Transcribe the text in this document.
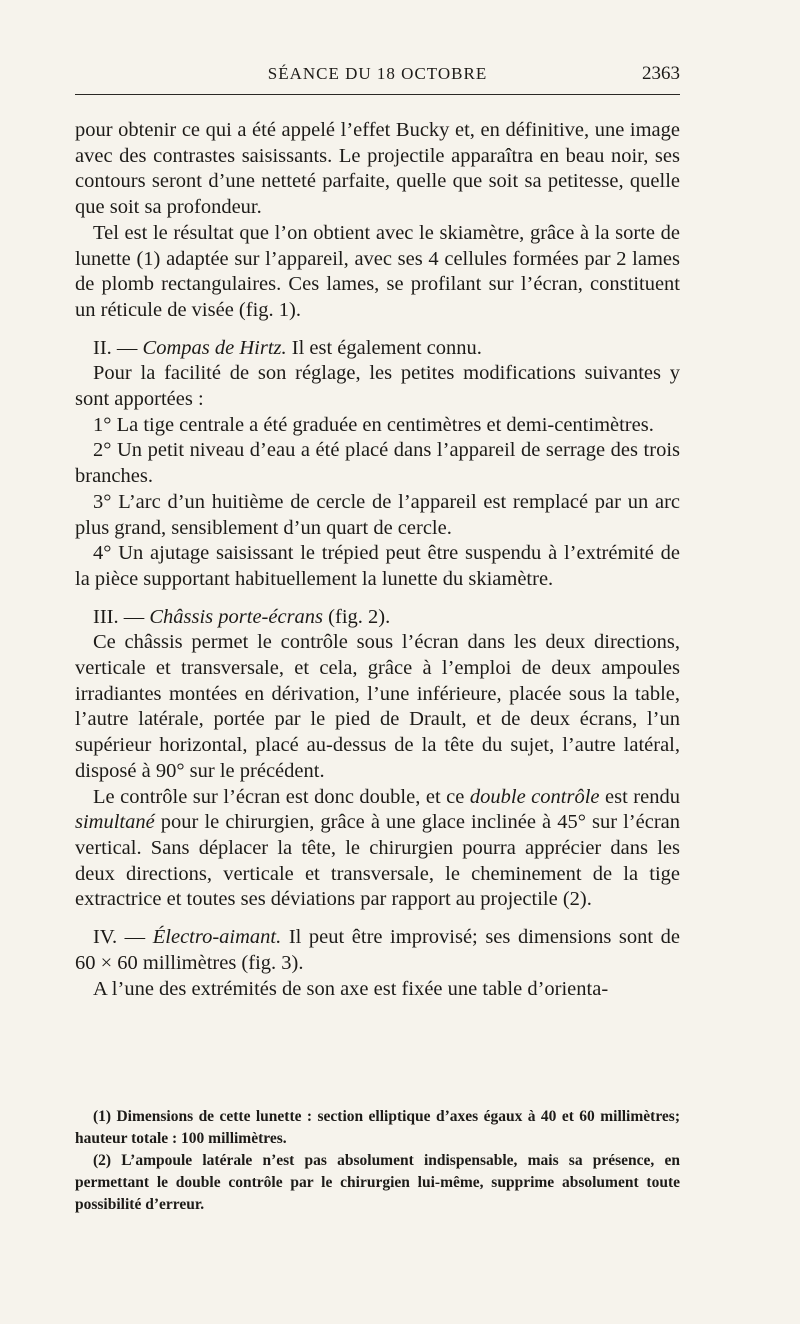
SÉANCE DU 18 OCTOBRE	2363

pour obtenir ce qui a été appelé l’effet Bucky et, en définitive, une image avec des contrastes saisissants. Le projectile apparaîtra en beau noir, ses contours seront d’une netteté parfaite, quelle que soit sa petitesse, quelle que soit sa profondeur.

Tel est le résultat que l’on obtient avec le skiamètre, grâce à la sorte de lunette (1) adaptée sur l’appareil, avec ses 4 cellules formées par 2 lames de plomb rectangulaires. Ces lames, se profilant sur l’écran, constituent un réticule de visée (fig. 1).

II. — Compas de Hirtz. Il est également connu.

Pour la facilité de son réglage, les petites modifications suivantes y sont apportées :

1° La tige centrale a été graduée en centimètres et demi-centimètres.

2° Un petit niveau d’eau a été placé dans l’appareil de serrage des trois branches.

3° L’arc d’un huitième de cercle de l’appareil est remplacé par un arc plus grand, sensiblement d’un quart de cercle.

4° Un ajutage saisissant le trépied peut être suspendu à l’extrémité de la pièce supportant habituellement la lunette du skiamètre.

III. — Châssis porte-écrans (fig. 2).

Ce châssis permet le contrôle sous l’écran dans les deux directions, verticale et transversale, et cela, grâce à l’emploi de deux ampoules irradiantes montées en dérivation, l’une inférieure, placée sous la table, l’autre latérale, portée par le pied de Drault, et de deux écrans, l’un supérieur horizontal, placé au-dessus de la tête du sujet, l’autre latéral, disposé à 90° sur le précédent.

Le contrôle sur l’écran est donc double, et ce double contrôle est rendu simultané pour le chirurgien, grâce à une glace inclinée à 45° sur l’écran vertical. Sans déplacer la tête, le chirurgien pourra apprécier dans les deux directions, verticale et transversale, le cheminement de la tige extractrice et toutes ses déviations par rapport au projectile (2).

IV. — Électro-aimant. Il peut être improvisé; ses dimensions sont de 60 × 60 millimètres (fig. 3).

A l’une des extrémités de son axe est fixée une table d’orienta-

(1) Dimensions de cette lunette : section elliptique d’axes égaux à 40 et 60 millimètres; hauteur totale : 100 millimètres.

(2) L’ampoule latérale n’est pas absolument indispensable, mais sa présence, en permettant le double contrôle par le chirurgien lui-même, supprime absolument toute possibilité d’erreur.
